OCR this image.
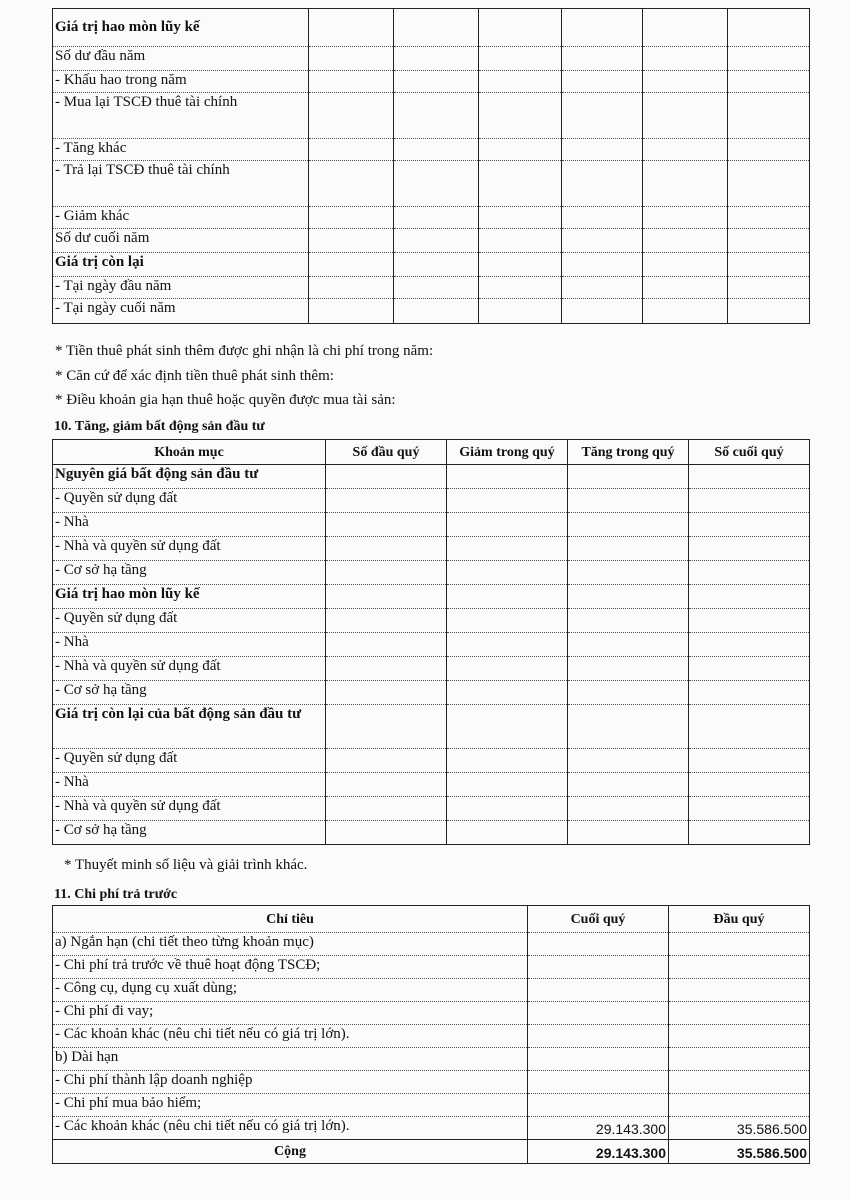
Giá trị hao mòn lũy kế						
Số dư đầu năm						
- Khấu hao trong năm						
- Mua lại TSCĐ thuê tài chính						
- Tăng khác						
- Trả lại TSCĐ thuê tài chính						
- Giảm khác						
Số dư cuối năm						
Giá trị còn lại						
- Tại ngày đầu năm						
- Tại ngày cuối năm						
* Tiền thuê phát sinh thêm được ghi nhận là chi phí trong năm:
* Căn cứ để xác định tiền thuê phát sinh thêm:
* Điều khoản gia hạn thuê hoặc quyền được mua tài sản:
10. Tăng, giảm bất động sản đầu tư
Khoản mục	Số đầu quý	Giảm trong quý	Tăng trong quý	Số cuối quý
Nguyên giá bất động sản đầu tư				
- Quyền sử dụng đất				
- Nhà				
- Nhà và quyền sử dụng đất				
- Cơ sở hạ tầng				
Giá trị hao mòn lũy kế				
- Quyền sử dụng đất				
- Nhà				
- Nhà và quyền sử dụng đất				
- Cơ sở hạ tầng				
Giá trị còn lại của bất động sản đầu tư				
- Quyền sử dụng đất				
- Nhà				
- Nhà và quyền sử dụng đất				
- Cơ sở hạ tầng				
* Thuyết minh số liệu và giải trình khác.
11. Chi phí trả trước
Chỉ tiêu	Cuối quý	Đầu quý
a) Ngắn hạn (chi tiết theo từng khoản mục)		
- Chi phí trả trước về thuê hoạt động TSCĐ;		
- Công cụ, dụng cụ xuất dùng;		
- Chi phí đi vay;		
- Các khoản khác (nêu chi tiết nếu có giá trị lớn).		
b) Dài hạn		
- Chi phí thành lập doanh nghiệp		
- Chi phí mua bảo hiểm;		
- Các khoản khác (nêu chi tiết nếu có giá trị lớn).	29.143.300	35.586.500
Cộng	29.143.300	35.586.500
